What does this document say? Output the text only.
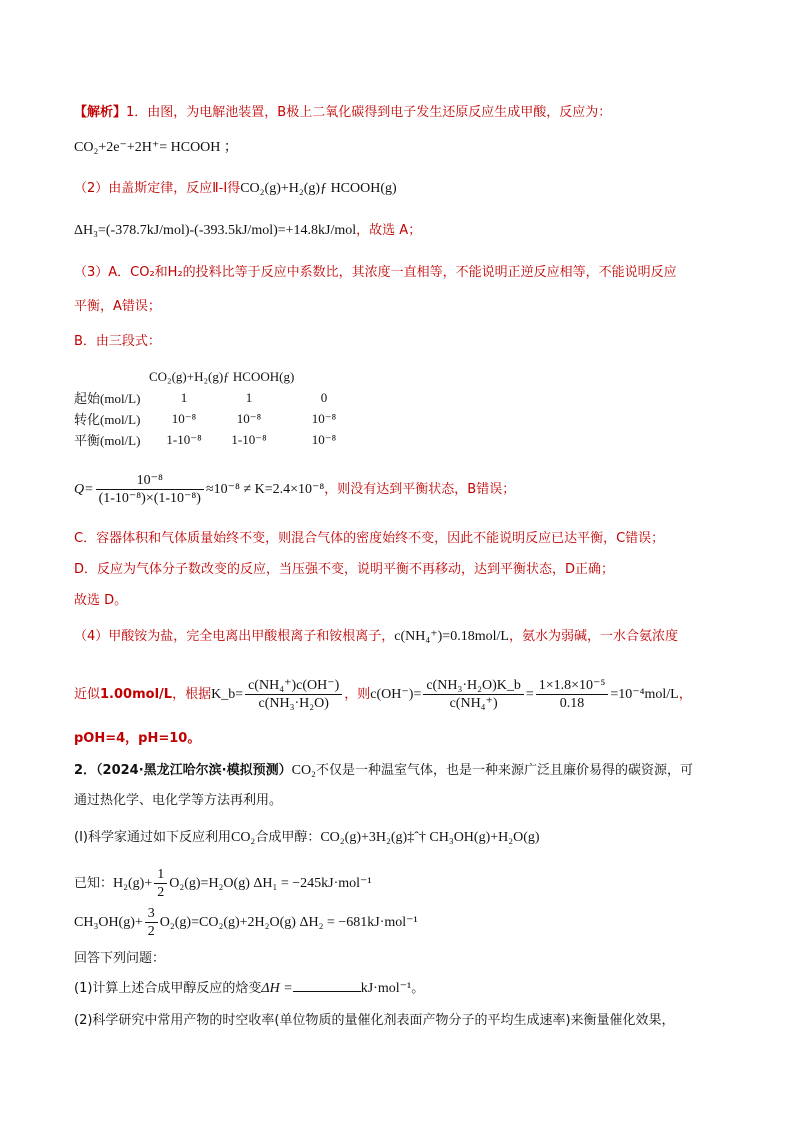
【解析】1．由图，为电解池装置，B极上二氧化碳得到电子发生还原反应生成甲酸，反应为：
CO₂+2e⁻+2H⁺= HCOOH ；
（2）由盖斯定律，反应Ⅱ-Ⅰ得CO₂(g)+H₂(g)ƒ HCOOH(g)
ΔH₃=(-378.7kJ/mol)-(-393.5kJ/mol)=+14.8kJ/mol，故选 A；
（3）A．CO₂和H₂的投料比等于反应中系数比，其浓度一直相等，不能说明正逆反应相等，不能说明反应
平衡，A错误；
B．由三段式：
	CO₂(g)+H₂(g)ƒ HCOOH(g)		
起始(mol/L)	1	1	0
转化(mol/L)	10⁻⁸	10⁻⁸	10⁻⁸
平衡(mol/L)	1-10⁻⁸	1-10⁻⁸	10⁻⁸
$Q= \frac{\text{10⁻⁸}}{\text{(1-10⁻⁸)×(1-10⁻⁸)}} \approx 10^{-8} \ne K=2.4\times 10^{-8}$，则没有达到平衡状态，B错误；
C．容器体积和气体质量始终不变，则混合气体的密度始终不变，因此不能说明反应已达平衡，C错误；
D．反应为气体分子数改变的反应，当压强不变，说明平衡不再移动，达到平衡状态，D正确；
故选 D。
（4）甲酸铵为盐，完全电离出甲酸根离子和铵根离子，c(NH₄⁺)=0.18mol/L，氨水为弱碱，一水合氨浓度
近似1.00mol/L，根据K_b= $\frac{\text{c(NH₄⁺)c(OH⁻)}}{\text{c(NH₃·H₂O)}}$ ，则$c(OH^-)= \frac{\text{c(NH₃·H₂O)K\_b}}{\text{c(NH₄⁺)}} = \frac{\text{1×1.8×10⁻⁵}}{0.18} =10^{-4}mol/L$，
pOH=4，pH=10。
2．（2024·黑龙江哈尔滨·模拟预测）CO₂不仅是一种温室气体，也是一种来源广泛且廉价易得的碳资源，可
通过热化学、电化学等方法再利用。
(Ⅰ)科学家通过如下反应利用CO₂合成甲醇：CO₂(g)+3H₂(g)‡ˆ† CH₃OH(g)+H₂O(g)
已知：$H_2(g)+ \frac{1}{2} O_2(g)=H_2O(g) \Delta H_1 = -245kJ\cdot mol^{-1}$
$CH_3OH(g)+ \frac{3}{2} O_2(g)=CO_2(g)+2H_2O(g) \Delta H_2 = -681kJ\cdot mol^{-1}$
回答下列问题：
(1)计算上述合成甲醇反应的焓变ΔH =	kJ·mol⁻¹。
(2)科学研究中常用产物的时空收率(单位物质的量催化剂表面产物分子的平均生成速率)来衡量催化效果，
